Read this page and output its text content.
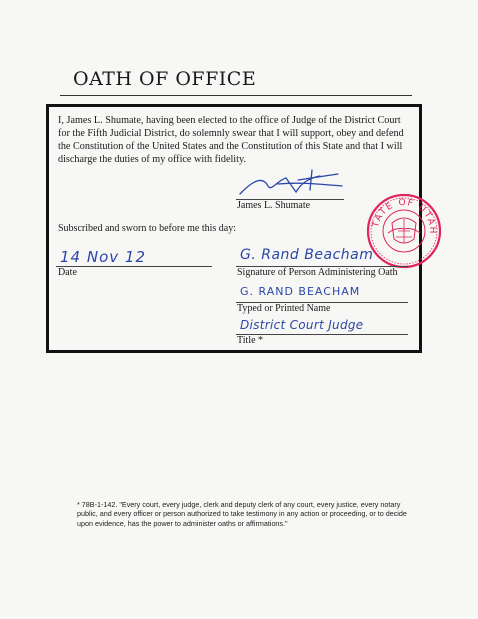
OATH OF OFFICE

I, James L. Shumate, having been elected to the office of Judge of the District Court for the Fifth Judicial District, do solemnly swear that I will support, obey and defend the Constitution of the United States and the Constitution of this State and that I will discharge the duties of my office with fidelity.

James L. Shumate

STATE OF UTAH

Subscribed and sworn to before me this day:

14 Nov 12

Date

G. Rand Beacham

Signature of Person Administering Oath

G. RAND BEACHAM

Typed or Printed Name

District Court Judge

Title *

* 78B-1-142. "Every court, every judge, clerk and deputy clerk of any court, every justice, every notary public, and every officer or person authorized to take testimony in any action or proceeding, or to decide upon evidence, has the power to administer oaths or affirmations."
